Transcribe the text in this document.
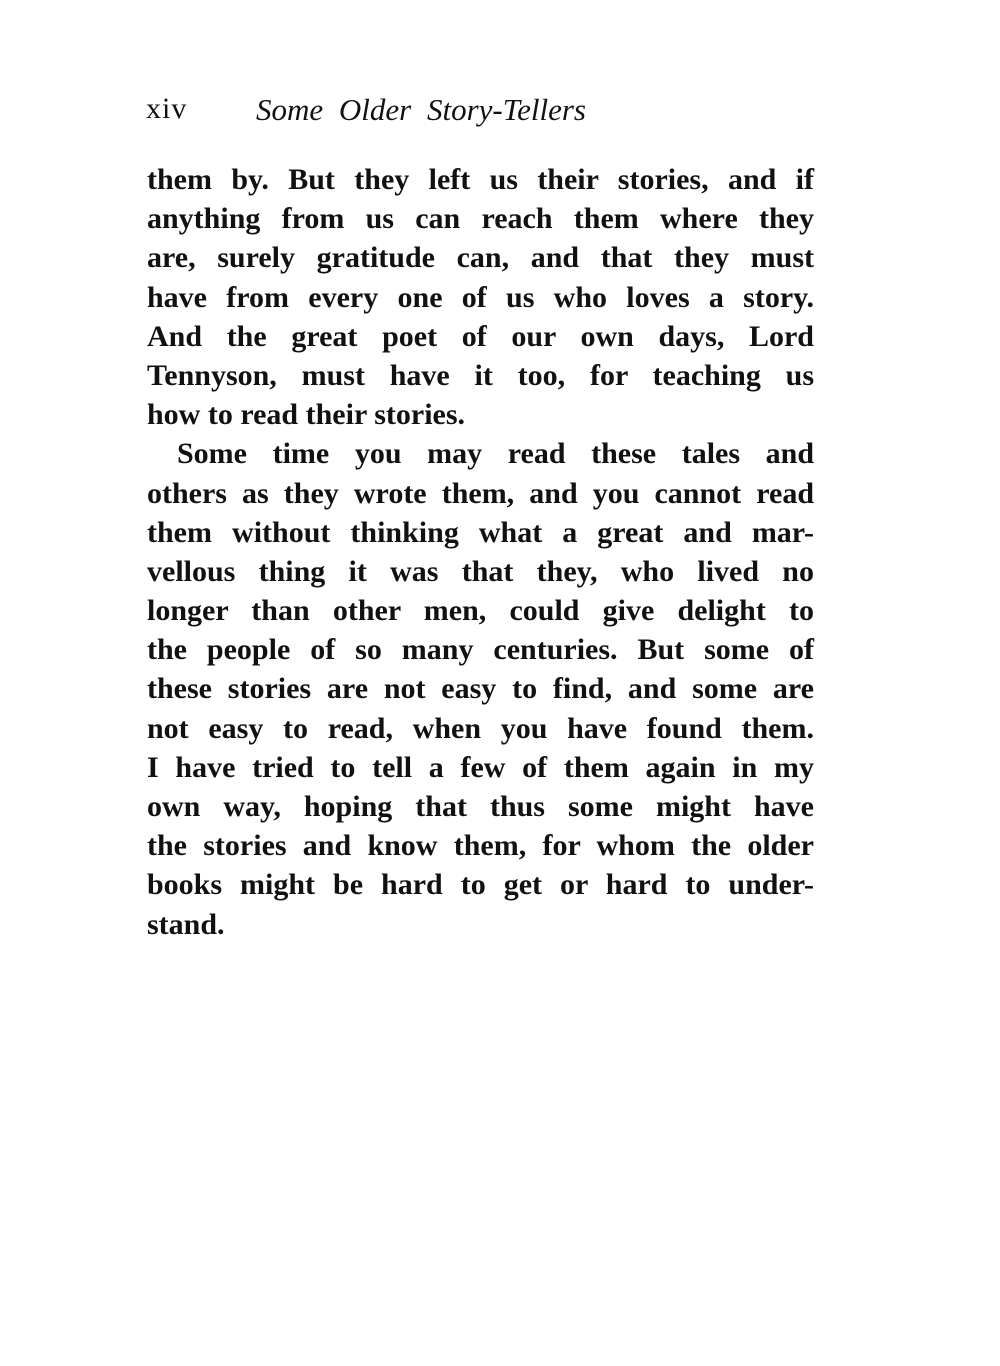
xiv Some Older Story-Tellers
them by. But they left us their stories, and if
anything from us can reach them where they
are, surely gratitude can, and that they must
have from every one of us who loves a story.
And the great poet of our own days, Lord
Tennyson, must have it too, for teaching us
how to read their stories.
Some time you may read these tales and
others as they wrote them, and you cannot read
them without thinking what a great and mar-
vellous thing it was that they, who lived no
longer than other men, could give delight to
the people of so many centuries. But some of
these stories are not easy to find, and some are
not easy to read, when you have found them.
I have tried to tell a few of them again in my
own way, hoping that thus some might have
the stories and know them, for whom the older
books might be hard to get or hard to under-
stand.
